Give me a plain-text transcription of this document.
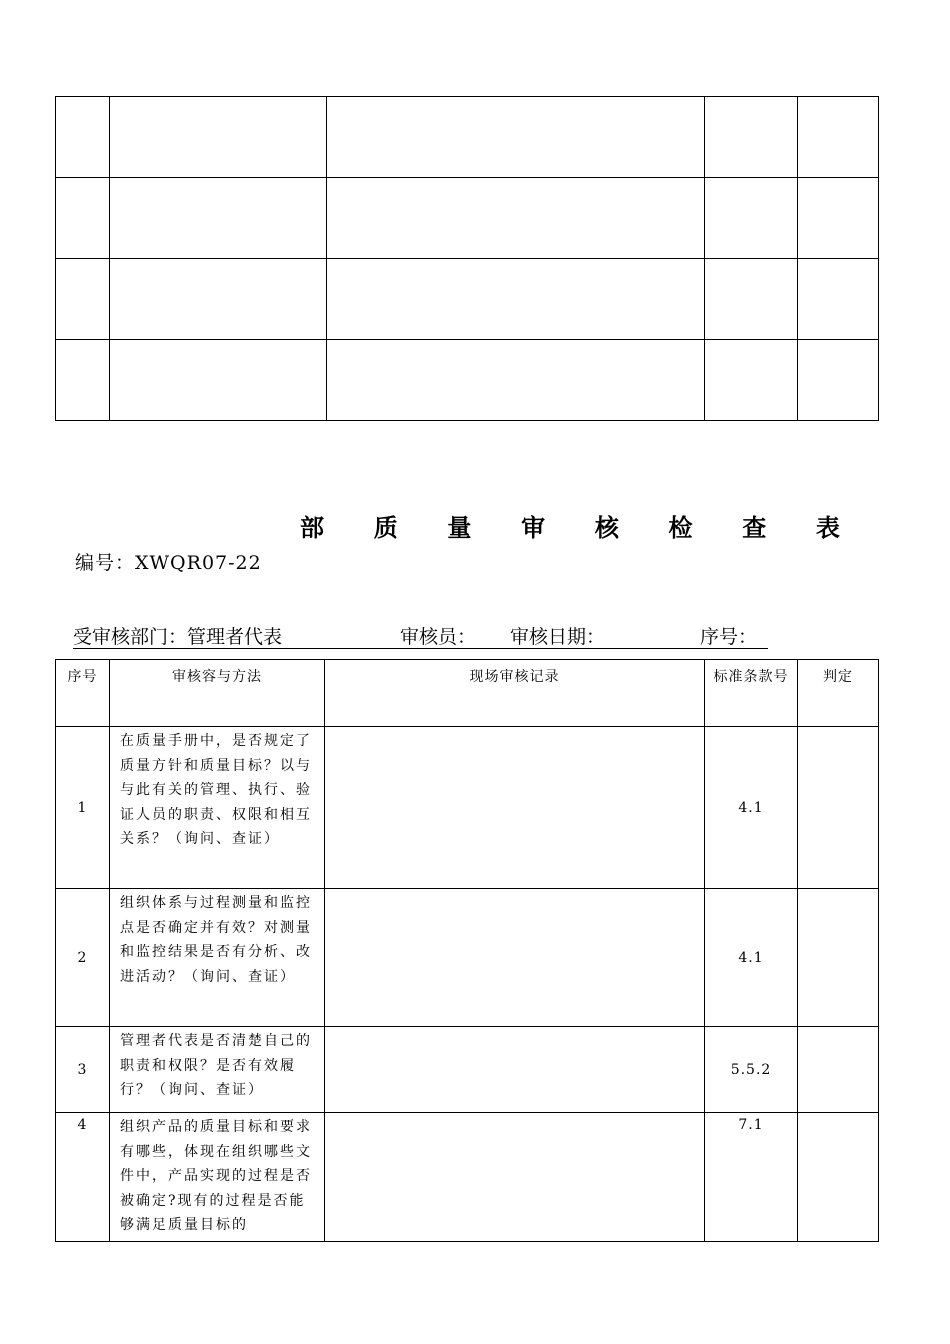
部 质 量 审 核 检 查 表
编号：XWQR07-22
受审核部门：管理者代表	审核员： 审核日期：	序号：
序号	审核容与方法	现场审核记录	标准条款号	判定
1	在质量手册中，是否规定了质量方针和质量目标？以与与此有关的管理、执行、验证人员的职责、权限和相互关系？（询问、查证）		4.1	
2	组织体系与过程测量和监控点是否确定并有效？对测量和监控结果是否有分析、改进活动？（询问、查证）		4.1	
3	管理者代表是否清楚自己的职责和权限？是否有效履行？（询问、查证）		5.5.2	
4	组织产品的质量目标和要求有哪些，体现在组织哪些文件中，产品实现的过程是否被确定?现有的过程是否能够满足质量目标的		7.1	
